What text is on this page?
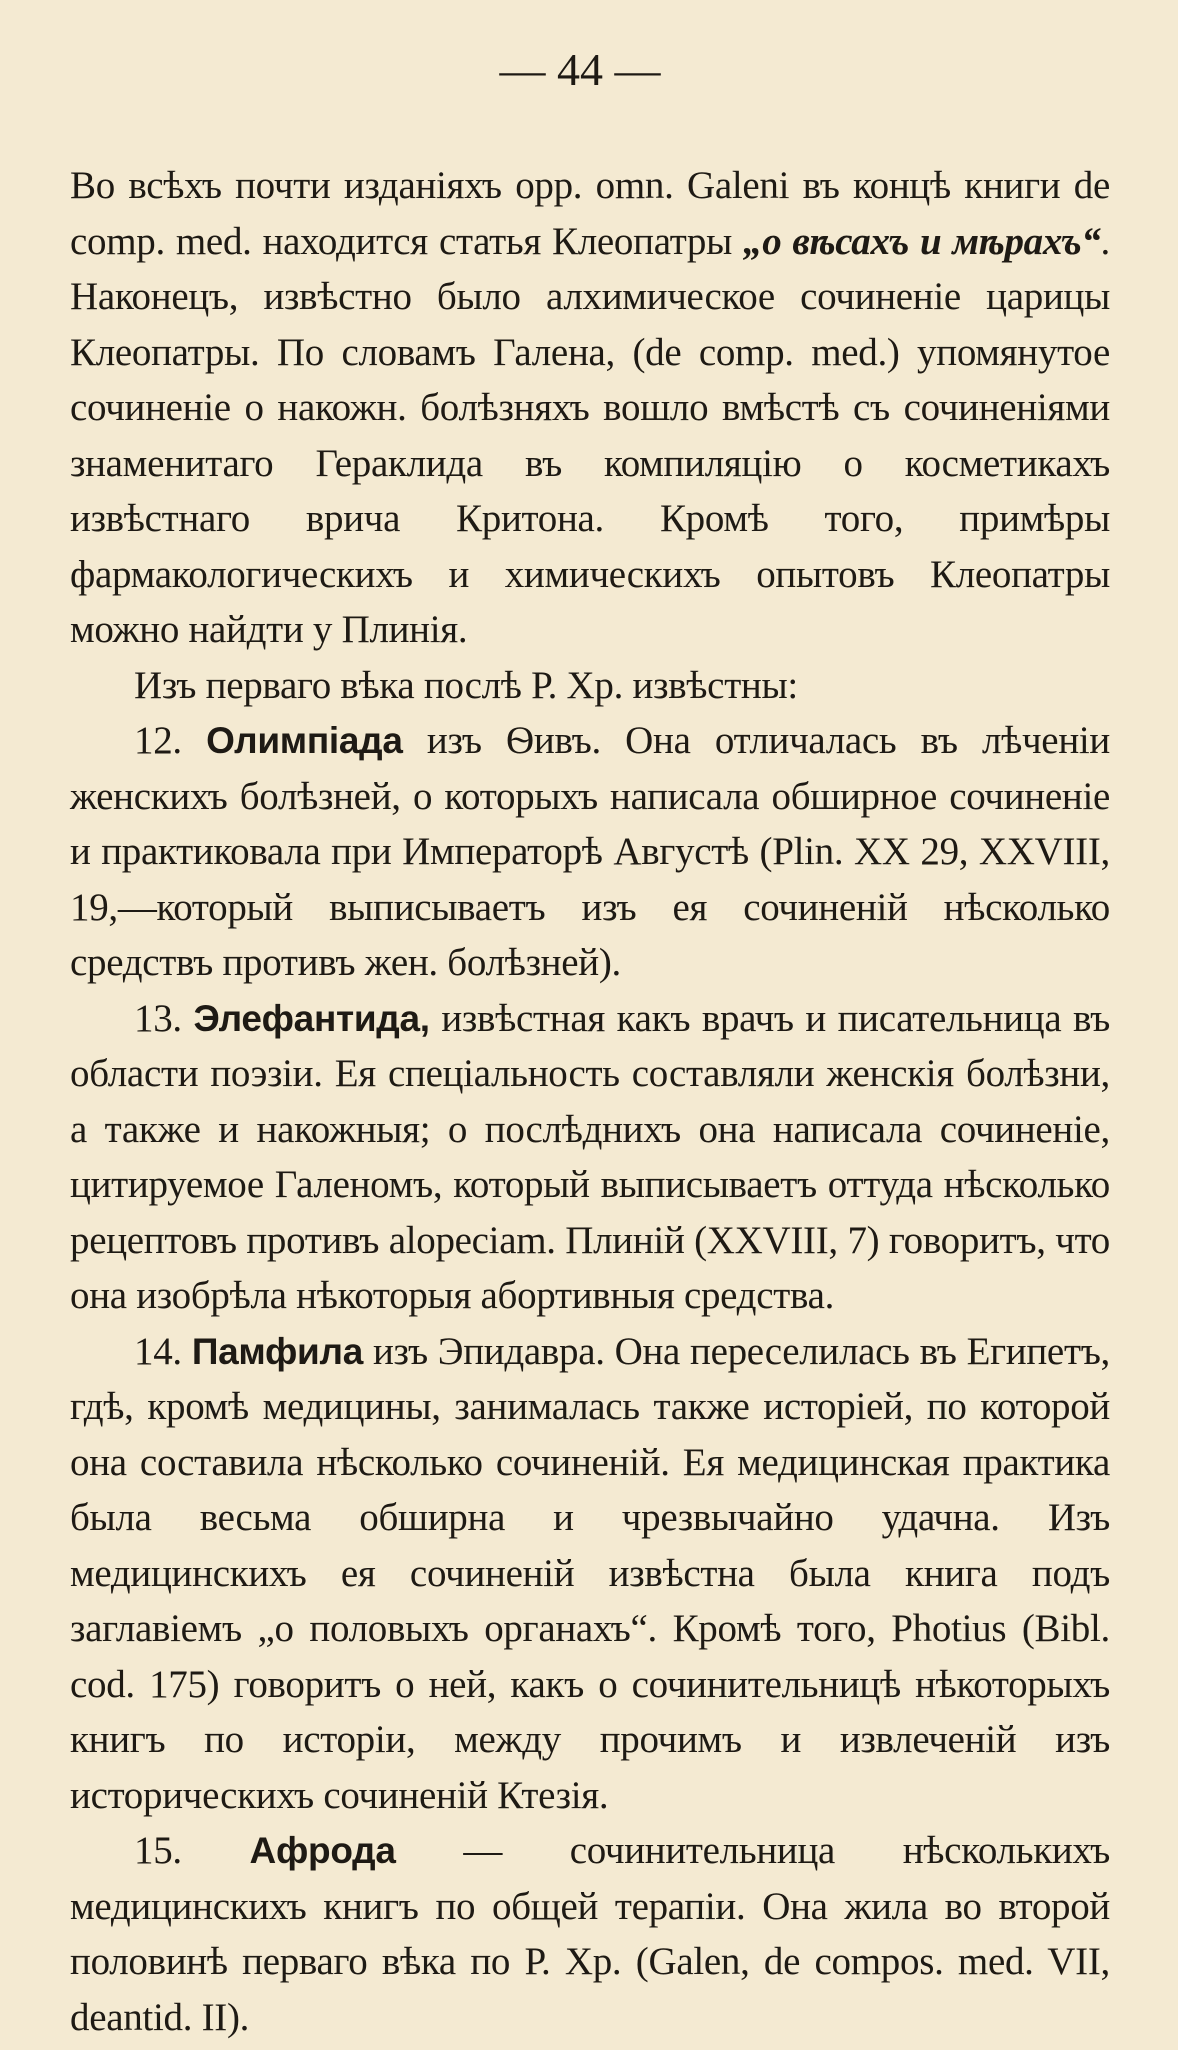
— 44 —

Во всѣхъ почти изданіяхъ орр. omn. Galeni въ концѣ книги de comp. med. находится статья Клеопатры „о вѣсахъ и мѣрахъ“. Наконецъ, извѣстно было алхимическое сочиненіе царицы Клеопатры. По словамъ Галена, (de comp. med.) упомянутое сочиненіе о накожн. болѣзняхъ вошло вмѣстѣ съ сочиненіями знаменитаго Гераклида въ компиляцію о косметикахъ извѣстнаго врича Критона. Кромѣ того, примѣры фармакологическихъ и химическихъ опытовъ Клеопатры можно найдти у Плинія.

Изъ перваго вѣка послѣ Р. Хр. извѣстны:

12. Олимпіада изъ Ѳивъ. Она отличалась въ лѣченіи женскихъ болѣзней, о которыхъ написала обширное сочиненіе и практиковала при Императорѣ Августѣ (Plin. XX 29, XXVIII, 19,—который выписываетъ изъ ея сочиненій нѣсколько средствъ противъ жен. болѣзней).

13. Элефантида, извѣстная какъ врачъ и писательница въ области поэзіи. Ея спеціальность составляли женскія болѣзни, а также и накожныя; о послѣднихъ она написала сочиненіе, цитируемое Галеномъ, который выписываетъ оттуда нѣсколько рецептовъ противъ alopeciam. Плиній (XXVIII, 7) говоритъ, что она изобрѣла нѣкоторыя абортивныя средства.

14. Памфила изъ Эпидавра. Она переселилась въ Египетъ, гдѣ, кромѣ медицины, занималась также исторіей, по которой она составила нѣсколько сочиненій. Ея медицинская практика была весьма обширна и чрезвычайно удачна. Изъ медицинскихъ ея сочиненій извѣстна была книга подъ заглавіемъ „о половыхъ органахъ“. Кромѣ того, Photius (Bibl. cod. 175) говоритъ о ней, какъ о сочинительницѣ нѣкоторыхъ книгъ по исторіи, между прочимъ и извлеченій изъ историческихъ сочиненій Ктезія.

15. Афрода — сочинительница нѣсколькихъ медицинскихъ книгъ по общей терапіи. Она жила во второй половинѣ перваго вѣка по Р. Хр. (Galen, de compos. med. VII, deantid. II).
